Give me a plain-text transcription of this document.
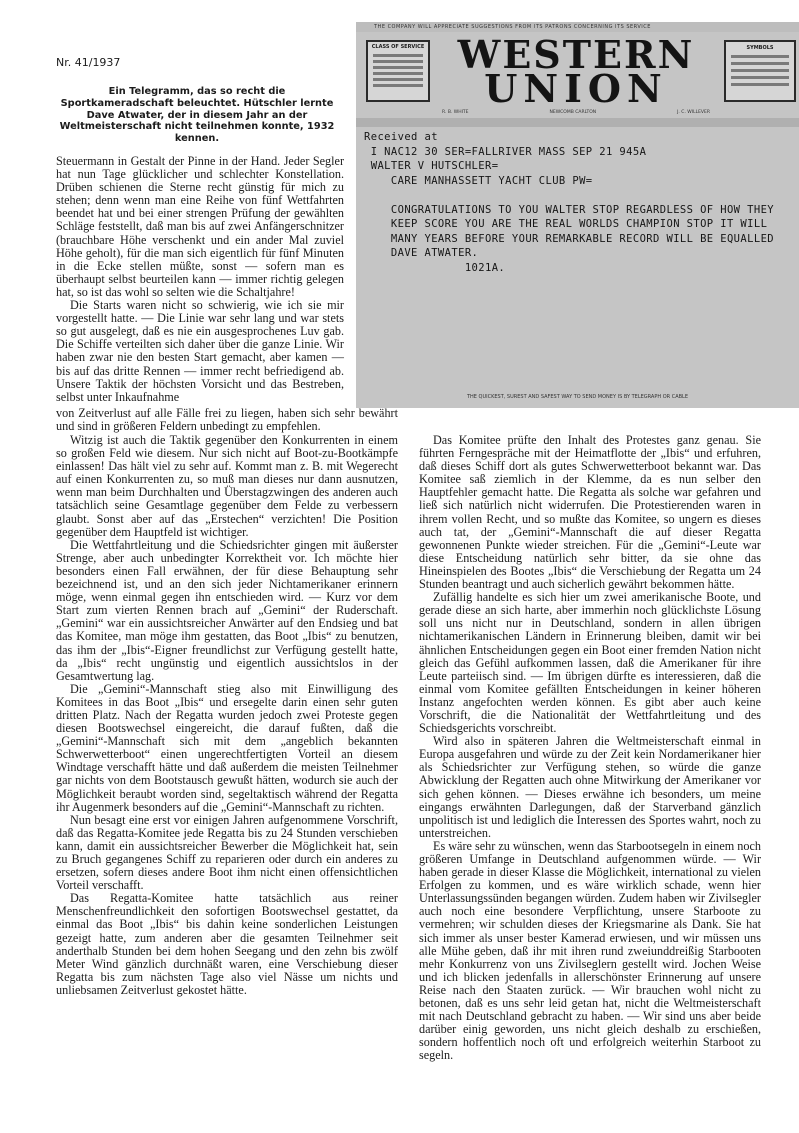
Nr. 41/1937
Ein Telegramm, das so recht die Sportkameradschaft beleuchtet. Hütschler lernte Dave Atwater, der in diesem Jahr an der Weltmeisterschaft nicht teilnehmen konnte, 1932 kennen.
THE COMPANY WILL APPRECIATE SUGGESTIONS FROM ITS PATRONS CONCERNING ITS SERVICE
CLASS OF SERVICE WESTERN
UNION
SYMBOLS
R. B. WHITE	NEWCOMB CARLTON	J. C. WILLEVER
Received at
I NAC12 30 SER=FALLRIVER MASS SEP 21 945A
WALTER V HUTSCHLER=
CARE MANHASSETT YACHT CLUB PW=

CONGRATULATIONS TO YOU WALTER STOP REGARDLESS OF HOW THEY
KEEP SCORE YOU ARE THE REAL WORLDS CHAMPION STOP IT WILL
MANY YEARS BEFORE YOUR REMARKABLE RECORD WILL BE EQUALLED
DAVE ATWATER.
1021A.
THE QUICKEST, SUREST AND SAFEST WAY TO SEND MONEY IS BY TELEGRAPH OR CABLE

Steuermann in Gestalt der Pinne in der Hand. Jeder Segler hat nun Tage glücklicher und schlechter Konstellation. Drüben schienen die Sterne recht günstig für mich zu stehen; denn wenn man eine Reihe von fünf Wettfahrten beendet hat und bei einer strengen Prüfung der gewählten Schläge feststellt, daß man bis auf zwei Anfängerschnitzer (brauchbare Höhe verschenkt und ein ander Mal zuviel Höhe geholt), für die man sich eigentlich für fünf Minuten in die Ecke stellen müßte, sonst — sofern man es überhaupt selbst beurteilen kann — immer richtig gelegen hat, so ist das wohl so selten wie die Schaltjahre!

Die Starts waren nicht so schwierig, wie ich sie mir vorgestellt hatte. — Die Linie war sehr lang und war stets so gut ausgelegt, daß es nie ein ausgesprochenes Luv gab. Die Schiffe verteilten sich daher über die ganze Linie. Wir haben zwar nie den besten Start gemacht, aber kamen — bis auf das dritte Rennen — immer recht befriedigend ab. Unsere Taktik der höchsten Vorsicht und das Bestreben, selbst unter Inkaufnahme

von Zeitverlust auf alle Fälle frei zu liegen, haben sich sehr bewährt und sind in größeren Feldern unbedingt zu empfehlen.

Witzig ist auch die Taktik gegenüber den Konkurrenten in einem so großen Feld wie diesem. Nur sich nicht auf Boot-zu-Bootkämpfe einlassen! Das hält viel zu sehr auf. Kommt man z. B. mit Wegerecht auf einen Konkurrenten zu, so muß man dieses nur dann ausnutzen, wenn man beim Durchhalten und Überstagzwingen des anderen auch tatsächlich seine Gesamtlage gegenüber dem Felde zu verbessern glaubt. Sonst aber auf das „Erstechen“ verzichten! Die Position gegenüber dem Hauptfeld ist wichtiger.

Die Wettfahrtleitung und die Schiedsrichter gingen mit äußerster Strenge, aber auch unbedingter Korrektheit vor. Ich möchte hier besonders einen Fall erwähnen, der für diese Behauptung sehr bezeichnend ist, und an den sich jeder Nichtamerikaner erinnern möge, wenn einmal gegen ihn entschieden wird. — Kurz vor dem Start zum vierten Rennen brach auf „Gemini“ der Ruderschaft. „Gemini“ war ein aussichtsreicher Anwärter auf den Endsieg und bat das Komitee, man möge ihm gestatten, das Boot „Ibis“ zu benutzen, das ihm der „Ibis“-Eigner freundlichst zur Verfügung gestellt hatte, da „Ibis“ recht ungünstig und eigentlich aussichtslos in der Gesamtwertung lag.

Die „Gemini“-Mannschaft stieg also mit Einwilligung des Komitees in das Boot „Ibis“ und ersegelte darin einen sehr guten dritten Platz. Nach der Regatta wurden jedoch zwei Proteste gegen diesen Bootswechsel eingereicht, die darauf fußten, daß die „Gemini“-Mannschaft sich mit dem „angeblich bekannten Schwerwetterboot“ einen ungerechtfertigten Vorteil an diesem Windtage verschafft hätte und daß außerdem die meisten Teilnehmer gar nichts von dem Bootstausch gewußt hätten, wodurch sie auch der Möglichkeit beraubt worden sind, segeltaktisch während der Regatta ihr Augenmerk besonders auf die „Gemini“-Mannschaft zu richten.

Nun besagt eine erst vor einigen Jahren aufgenommene Vorschrift, daß das Regatta-Komitee jede Regatta bis zu 24 Stunden verschieben kann, damit ein aussichtsreicher Bewerber die Möglichkeit hat, sein zu Bruch gegangenes Schiff zu reparieren oder durch ein anderes zu ersetzen, sofern dieses andere Boot ihm nicht einen offensichtlichen Vorteil verschafft.

Das Regatta-Komitee hatte tatsächlich aus reiner Menschenfreundlichkeit den sofortigen Bootswechsel gestattet, da einmal das Boot „Ibis“ bis dahin keine sonderlichen Leistungen gezeigt hatte, zum anderen aber die gesamten Teilnehmer seit anderthalb Stunden bei dem hohen Seegang und den zehn bis zwölf Meter Wind gänzlich durchnäßt waren, eine Verschiebung dieser Regatta bis zum nächsten Tage also viel Nässe um nichts und unliebsamen Zeitverlust gekostet hätte.

Das Komitee prüfte den Inhalt des Protestes ganz genau. Sie führten Ferngespräche mit der Heimatflotte der „Ibis“ und erfuhren, daß dieses Schiff dort als gutes Schwerwetterboot bekannt war. Das Komitee saß ziemlich in der Klemme, da es nun selber den Hauptfehler gemacht hatte. Die Regatta als solche war gefahren und ließ sich natürlich nicht widerrufen. Die Protestierenden waren in ihrem vollen Recht, und so mußte das Komitee, so ungern es dieses auch tat, der „Gemini“-Mannschaft die auf dieser Regatta gewonnenen Punkte wieder streichen. Für die „Gemini“-Leute war diese Entscheidung natürlich sehr bitter, da sie ohne das Hineinspielen des Bootes „Ibis“ die Verschiebung der Regatta um 24 Stunden beantragt und auch sicherlich gewährt bekommen hätte.

Zufällig handelte es sich hier um zwei amerikanische Boote, und gerade diese an sich harte, aber immerhin noch glücklichste Lösung soll uns nicht nur in Deutschland, sondern in allen übrigen nichtamerikanischen Ländern in Erinnerung bleiben, damit wir bei ähnlichen Entscheidungen gegen ein Boot einer fremden Nation nicht gleich das Gefühl aufkommen lassen, daß die Amerikaner für ihre Leute parteiisch sind. — Im übrigen dürfte es interessieren, daß die einmal vom Komitee gefällten Entscheidungen in keiner höheren Instanz angefochten werden können. Es gibt aber auch keine Vorschrift, die die Nationalität der Wettfahrtleitung und des Schiedsgerichts vorschreibt.

Wird also in späteren Jahren die Weltmeisterschaft einmal in Europa ausgefahren und würde zu der Zeit kein Nordamerikaner hier als Schiedsrichter zur Verfügung stehen, so würde die ganze Abwicklung der Regatten auch ohne Mitwirkung der Amerikaner vor sich gehen können. — Dieses erwähne ich besonders, um meine eingangs erwähnten Darlegungen, daß der Starverband gänzlich unpolitisch ist und lediglich die Interessen des Sportes wahrt, noch zu unterstreichen.

Es wäre sehr zu wünschen, wenn das Starbootsegeln in einem noch größeren Umfange in Deutschland aufgenommen würde. — Wir haben gerade in dieser Klasse die Möglichkeit, international zu vielen Erfolgen zu kommen, und es wäre wirklich schade, wenn hier Unterlassungssünden begangen würden. Zudem haben wir Zivilsegler auch noch eine besondere Verpflichtung, unsere Starboote zu vermehren; wir schulden dieses der Kriegsmarine als Dank. Sie hat sich immer als unser bester Kamerad erwiesen, und wir müssen uns alle Mühe geben, daß ihr mit ihren rund zweiunddreißig Starbooten mehr Konkurrenz von uns Zivilseglern gestellt wird. Jochen Weise und ich blicken jedenfalls in allerschönster Erinnerung auf unsere Reise nach den Staaten zurück. — Wir brauchen wohl nicht zu betonen, daß es uns sehr leid getan hat, nicht die Weltmeisterschaft mit nach Deutschland gebracht zu haben. — Wir sind uns aber beide darüber einig geworden, uns nicht gleich deshalb zu erschießen, sondern hoffentlich noch oft und erfolgreich weiterhin Starboot zu segeln.
